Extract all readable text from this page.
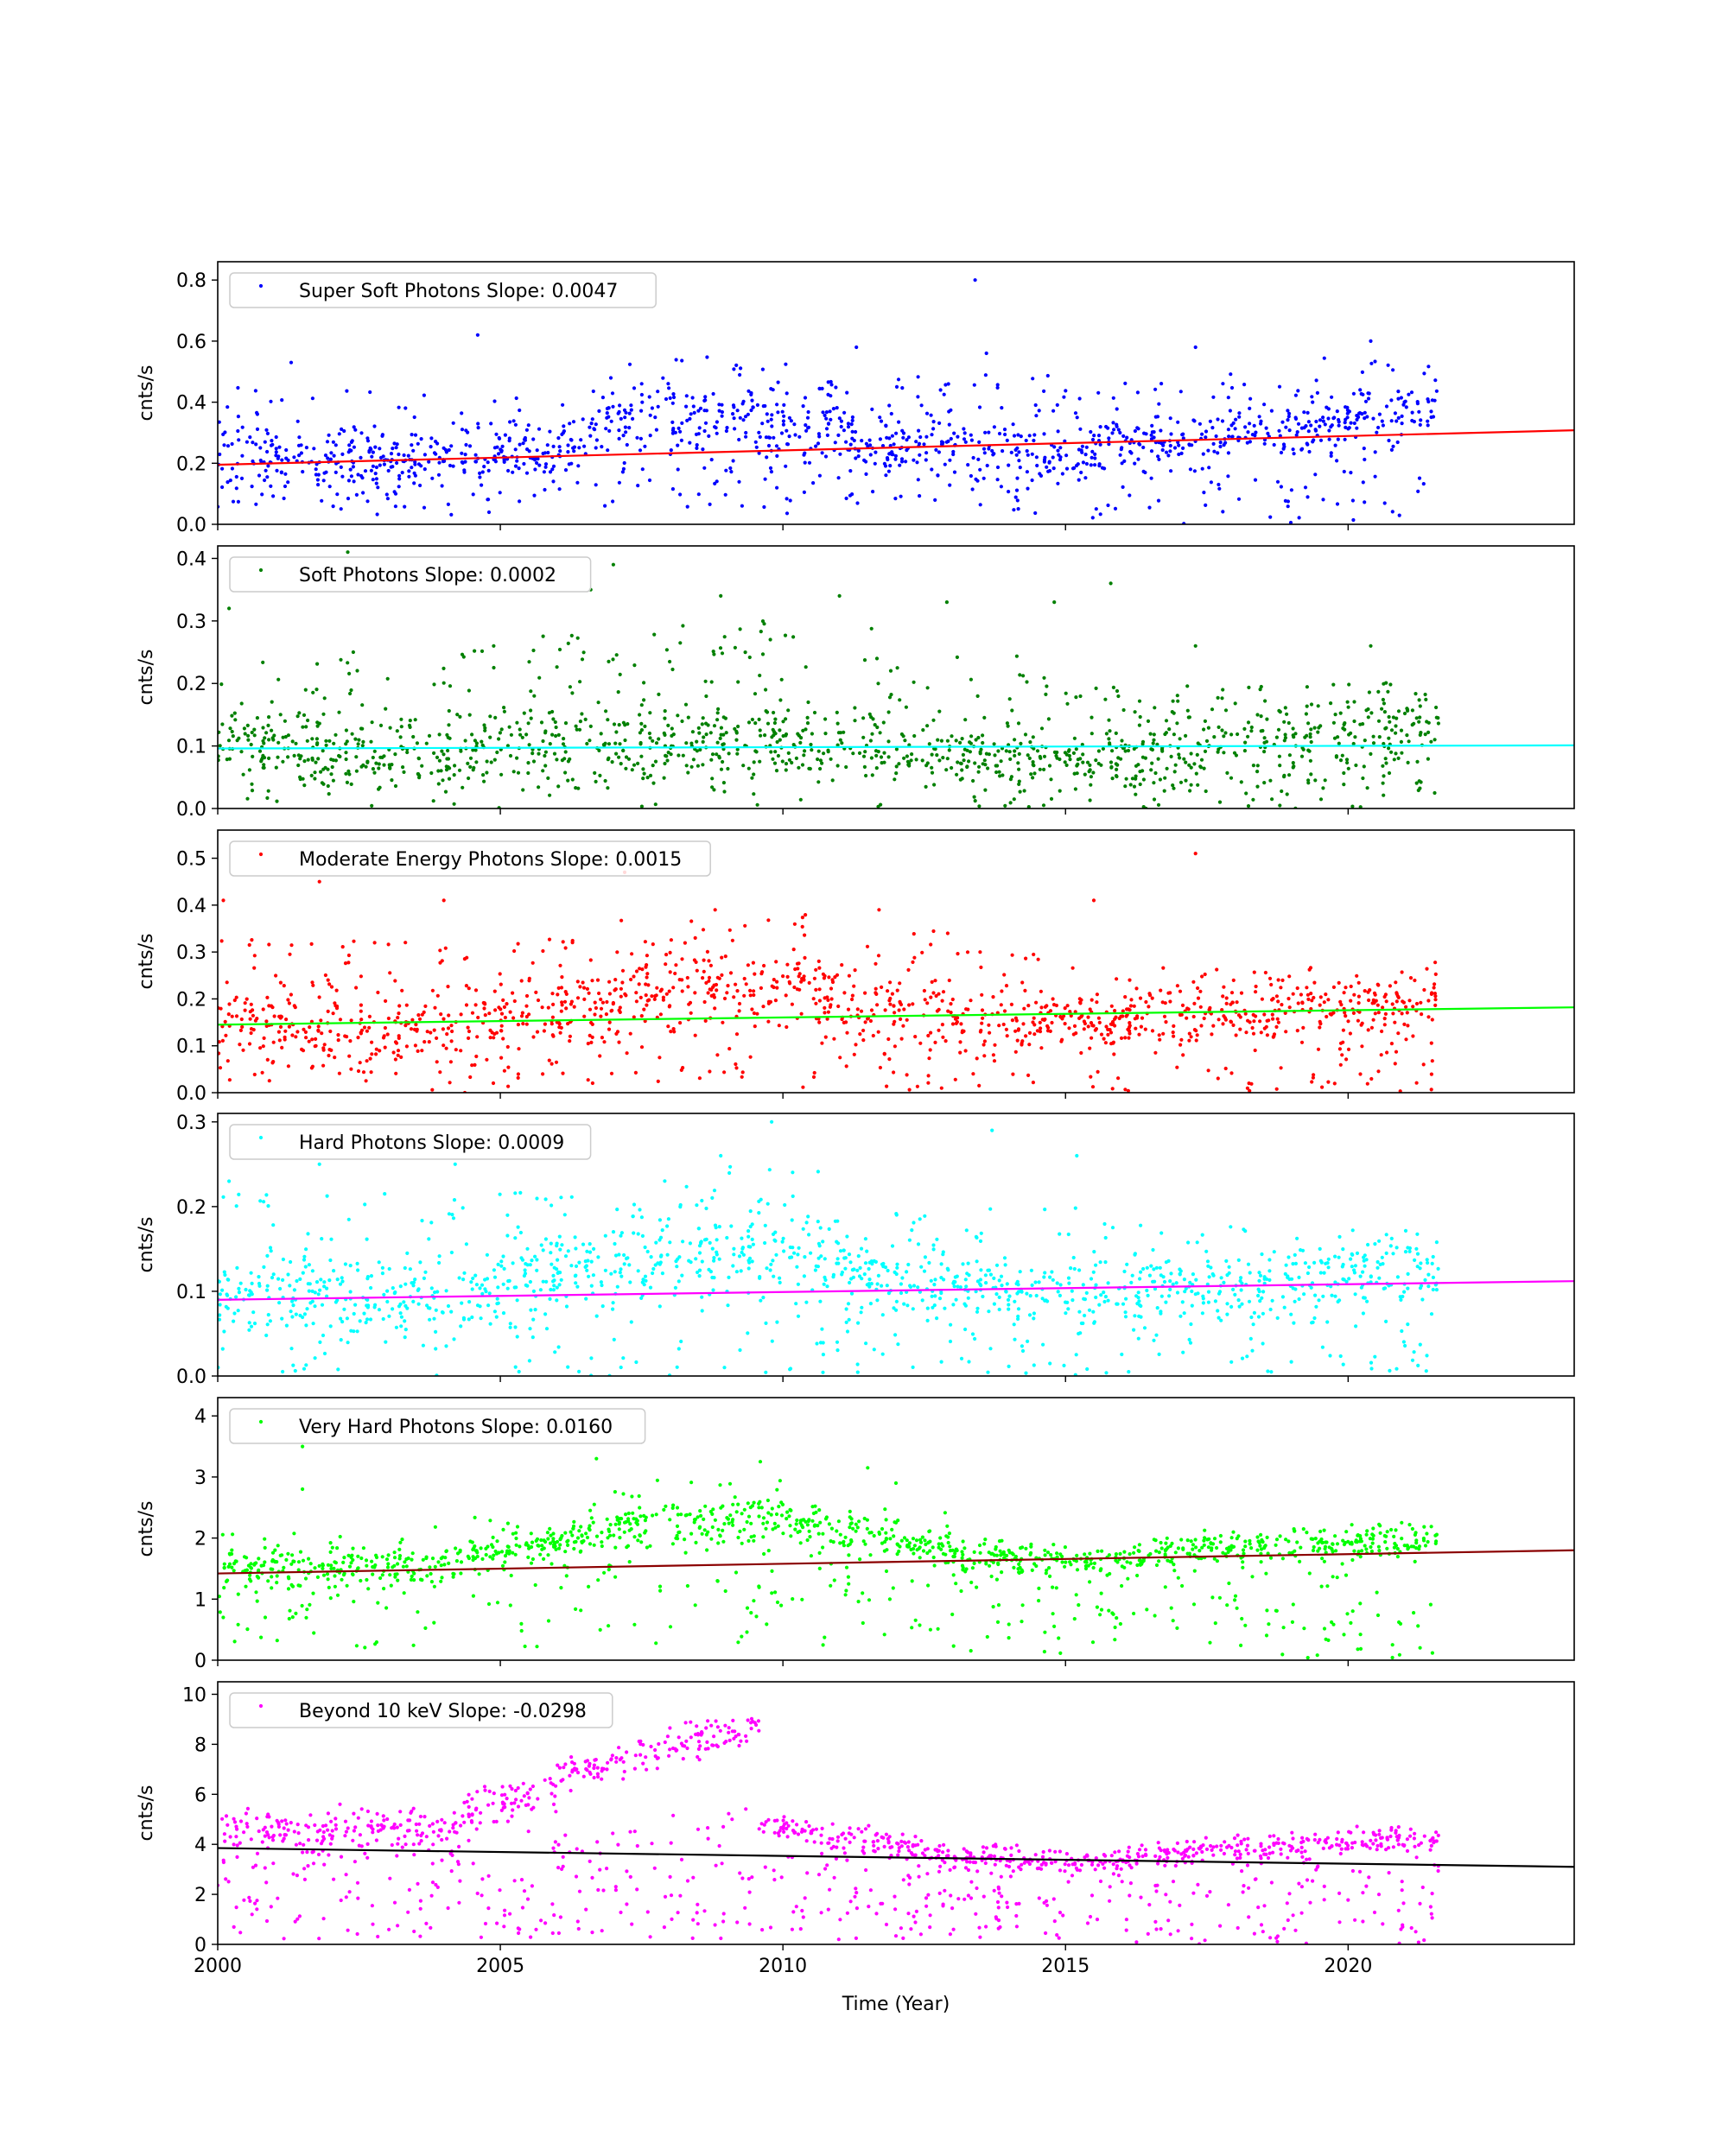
0.0
0.2
0.4
0.6
0.8
cnts/s
Super Soft Photons Slope: 0.0047
0.0
0.1
0.2
0.3
0.4
cnts/s
Soft Photons Slope: 0.0002
0.0
0.1
0.2
0.3
0.4
0.5
cnts/s
Moderate Energy Photons Slope: 0.0015
0.0
0.1
0.2
0.3
cnts/s
Hard Photons Slope: 0.0009
0
1
2
3
4
cnts/s
Very Hard Photons Slope: 0.0160
0
2
4
6
8
10
2000	2005	2010	2015	2020
cnts/s
Beyond 10 keV Slope: -0.0298
Time (Year)
